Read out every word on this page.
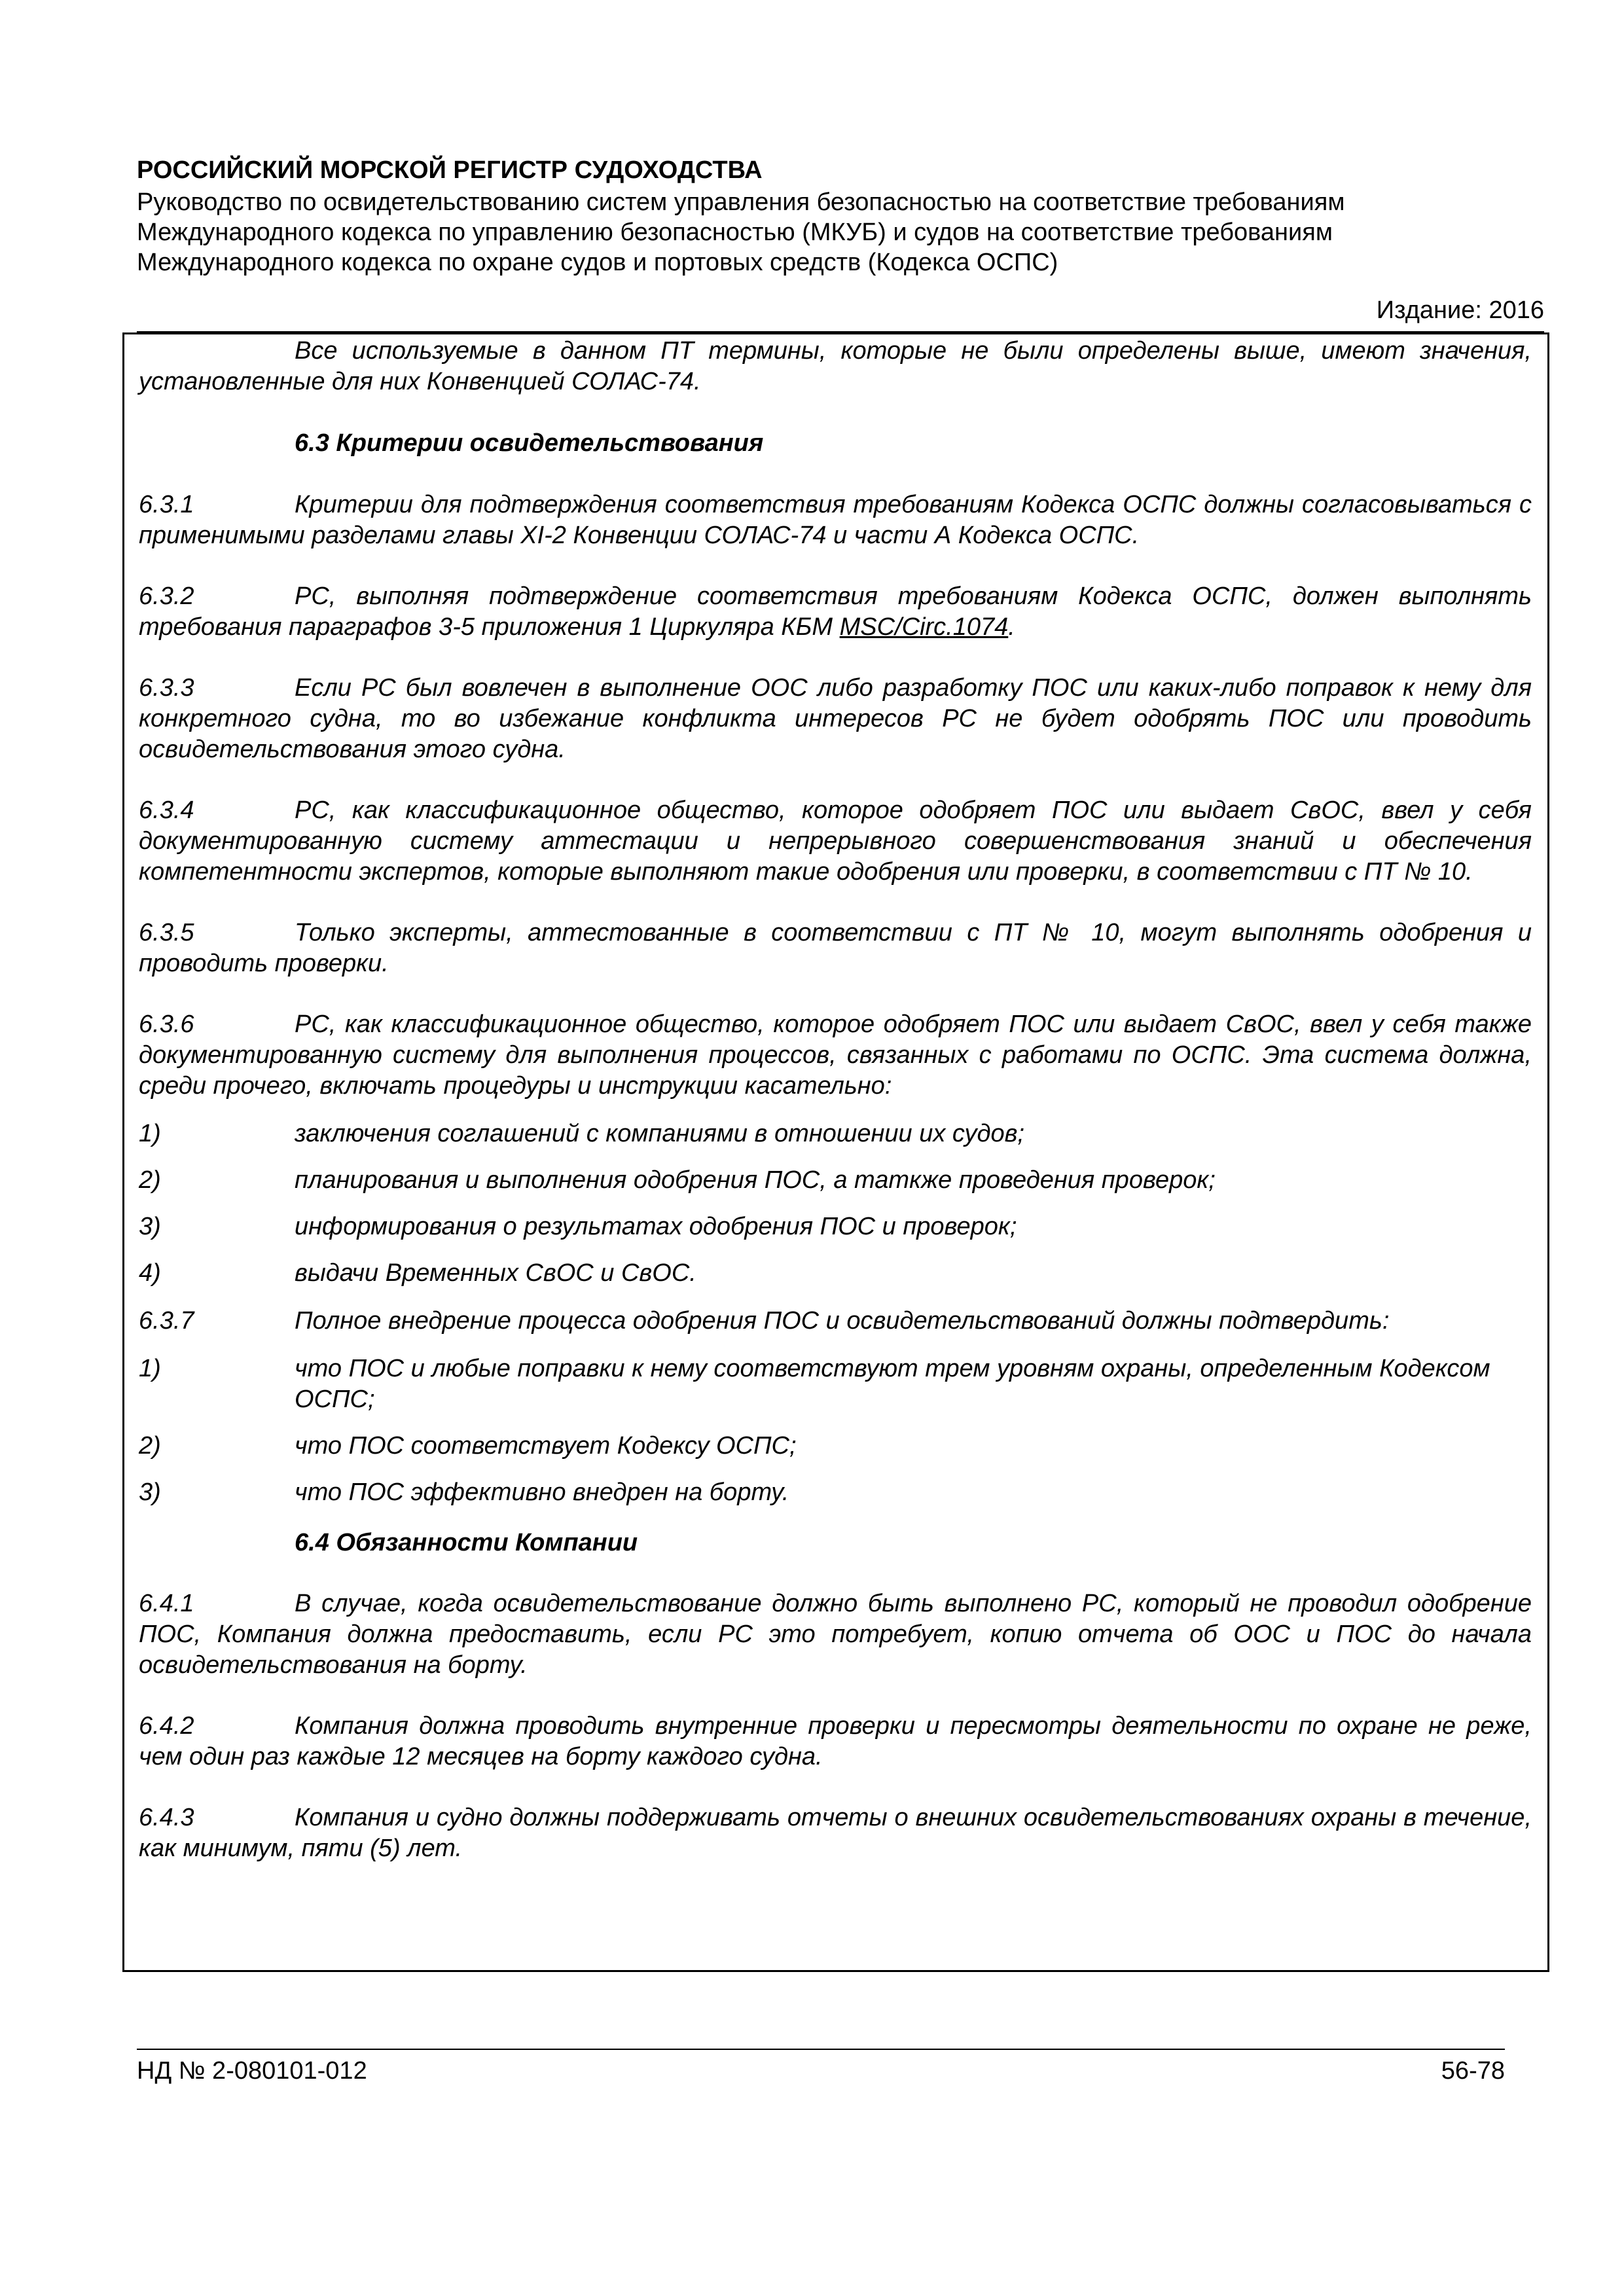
РОССИЙСКИЙ МОРСКОЙ РЕГИСТР СУДОХОДСТВА

Руководство по освидетельствованию систем управления безопасностью на соответствие требованиям
Международного кодекса по управлению безопасностью (МКУБ) и судов на соответствие требованиям
Международного кодекса по охране судов и портовых средств (Кодекса ОСПС)

Издание: 2016

Все используемые в данном ПТ термины, которые не были определены выше, имеют значения, установленные для них Конвенцией СОЛАС-74.

6.3 Критерии освидетельствования

6.3.1	Критерии для подтверждения соответствия требованиям Кодекса ОСПС должны согласовываться с применимыми разделами главы XI-2 Конвенции СОЛАС-74 и части А Кодекса ОСПС.

6.3.2	РС, выполняя подтверждение соответствия требованиям Кодекса ОСПС, должен выполнять требования параграфов 3-5 приложения 1 Циркуляра КБМ MSC/Circ.1074.

6.3.3	Если РС был вовлечен в выполнение ООС либо разработку ПОС или каких-либо поправок к нему для конкретного судна, то во избежание конфликта интересов РС не будет одобрять ПОС или проводить освидетельствования этого судна.

6.3.4	РС, как классификационное общество, которое одобряет ПОС или выдает СвОС, ввел у себя документированную систему аттестации и непрерывного совершенствования знаний и обеспечения компетентности экспертов, которые выполняют такие одобрения или проверки, в соответствии с ПТ № 10.

6.3.5	Только эксперты, аттестованные в соответствии с ПТ № 10, могут выполнять одобрения и проводить проверки.

6.3.6	РС, как классификационное общество, которое одобряет ПОС или выдает СвОС, ввел у себя также документированную систему для выполнения процессов, связанных с работами по ОСПС. Эта система должна, среди прочего, включать процедуры и инструкции касательно:

1)	заключения соглашений с компаниями в отношении их судов;
2)	планирования и выполнения одобрения ПОС, а таткже проведения проверок;
3)	информирования о результатах одобрения ПОС и проверок;
4)	выдачи Временных СвОС и СвОС.

6.3.7	Полное внедрение процесса одобрения ПОС и освидетельствований должны подтвердить:

1)	что ПОС и любые поправки к нему соответствуют трем уровням охраны, определенным Кодексом ОСПС;
2)	что ПОС соответствует Кодексу ОСПС;
3)	что ПОС эффективно внедрен на борту.

6.4 Обязанности Компании

6.4.1	В случае, когда освидетельствование должно быть выполнено РС, который не проводил одобрение ПОС, Компания должна предоставить, если РС это потребует, копию отчета об ООС и ПОС до начала освидетельствования на борту.

6.4.2	Компания должна проводить внутренние проверки и пересмотры деятельности по охране не реже, чем один раз каждые 12 месяцев на борту каждого судна.

6.4.3	Компания и судно должны поддерживать отчеты о внешних освидетельствованиях охраны в течение, как минимум, пяти (5) лет.

НД № 2-080101-012	56-78
